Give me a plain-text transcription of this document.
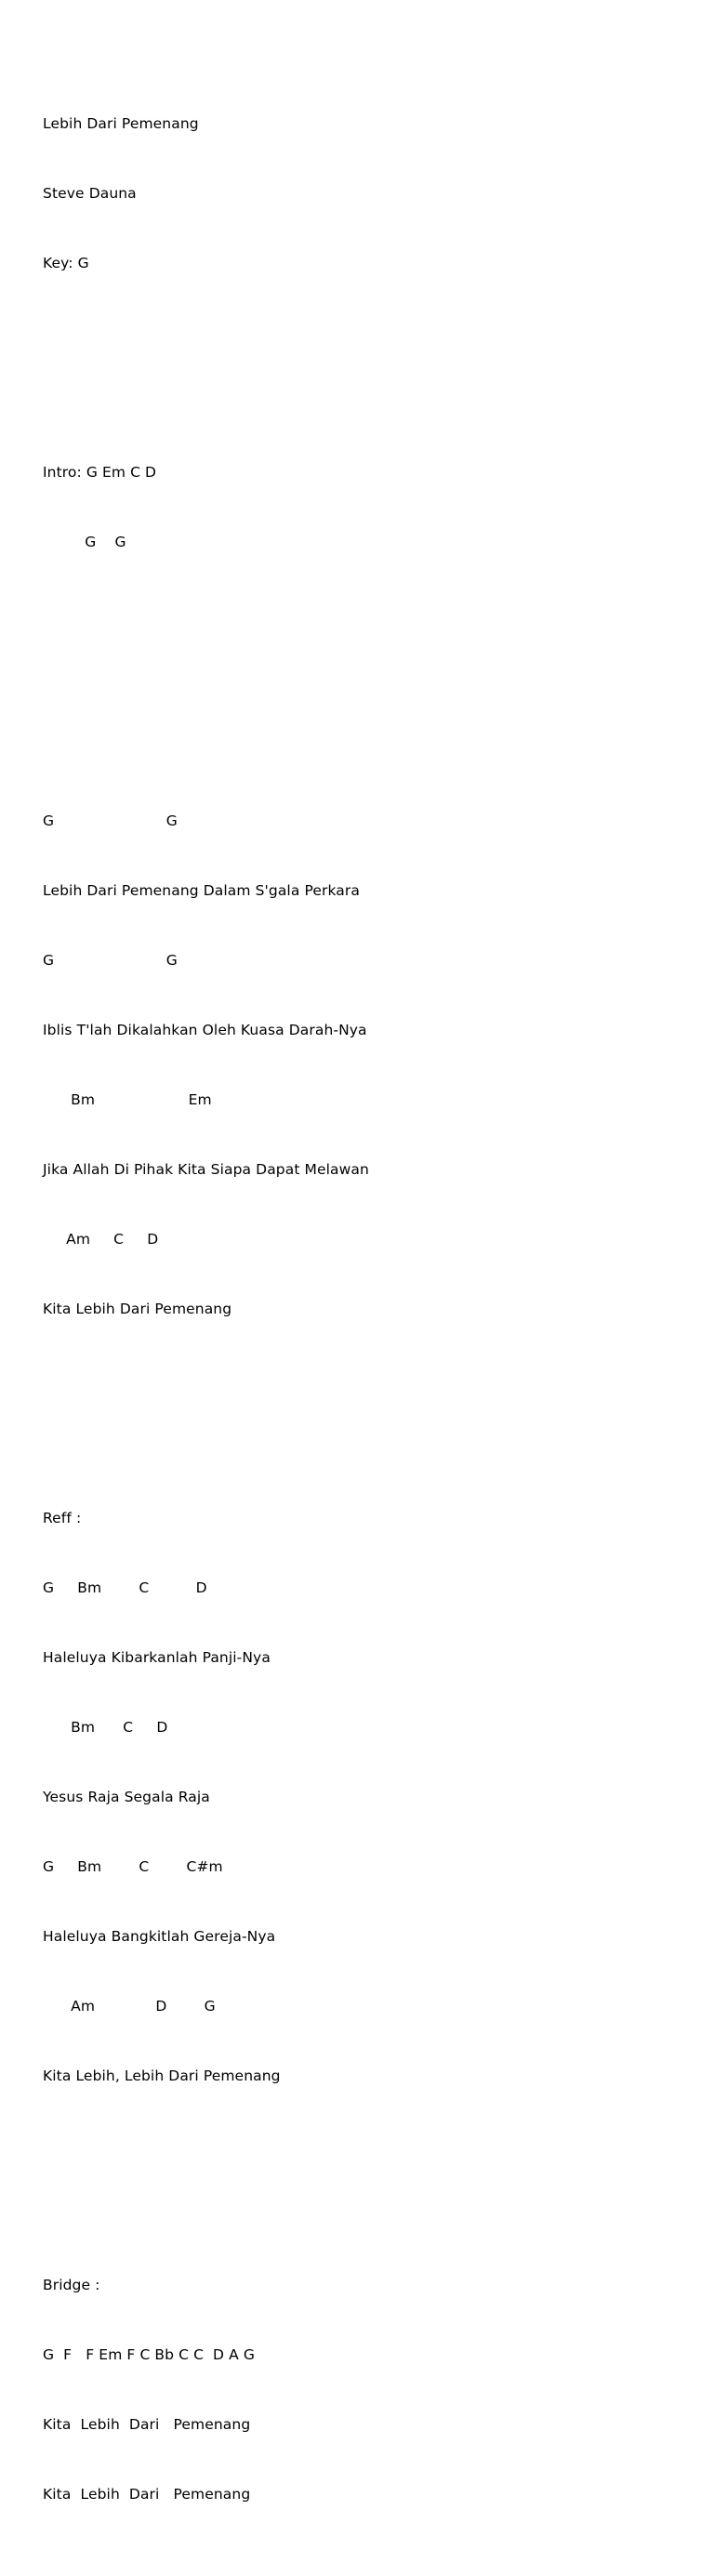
Lebih Dari Pemenang

Steve Dauna

Key: G

Intro: G Em C D

G    G

G                        G

Lebih Dari Pemenang Dalam S'gala Perkara

G                        G

Iblis T'lah Dikalahkan Oleh Kuasa Darah-Nya

Bm                    Em

Jika Allah Di Pihak Kita Siapa Dapat Melawan

Am     C     D

Kita Lebih Dari Pemenang

Reff :

G     Bm        C          D

Haleluya Kibarkanlah Panji-Nya

Bm      C     D

Yesus Raja Segala Raja

G     Bm        C        C#m

Haleluya Bangkitlah Gereja-Nya

Am             D        G

Kita Lebih, Lebih Dari Pemenang

Bridge :

G  F   F Em F C Bb C C  D A G

Kita  Lebih  Dari   Pemenang

Kita  Lebih  Dari   Pemenang
